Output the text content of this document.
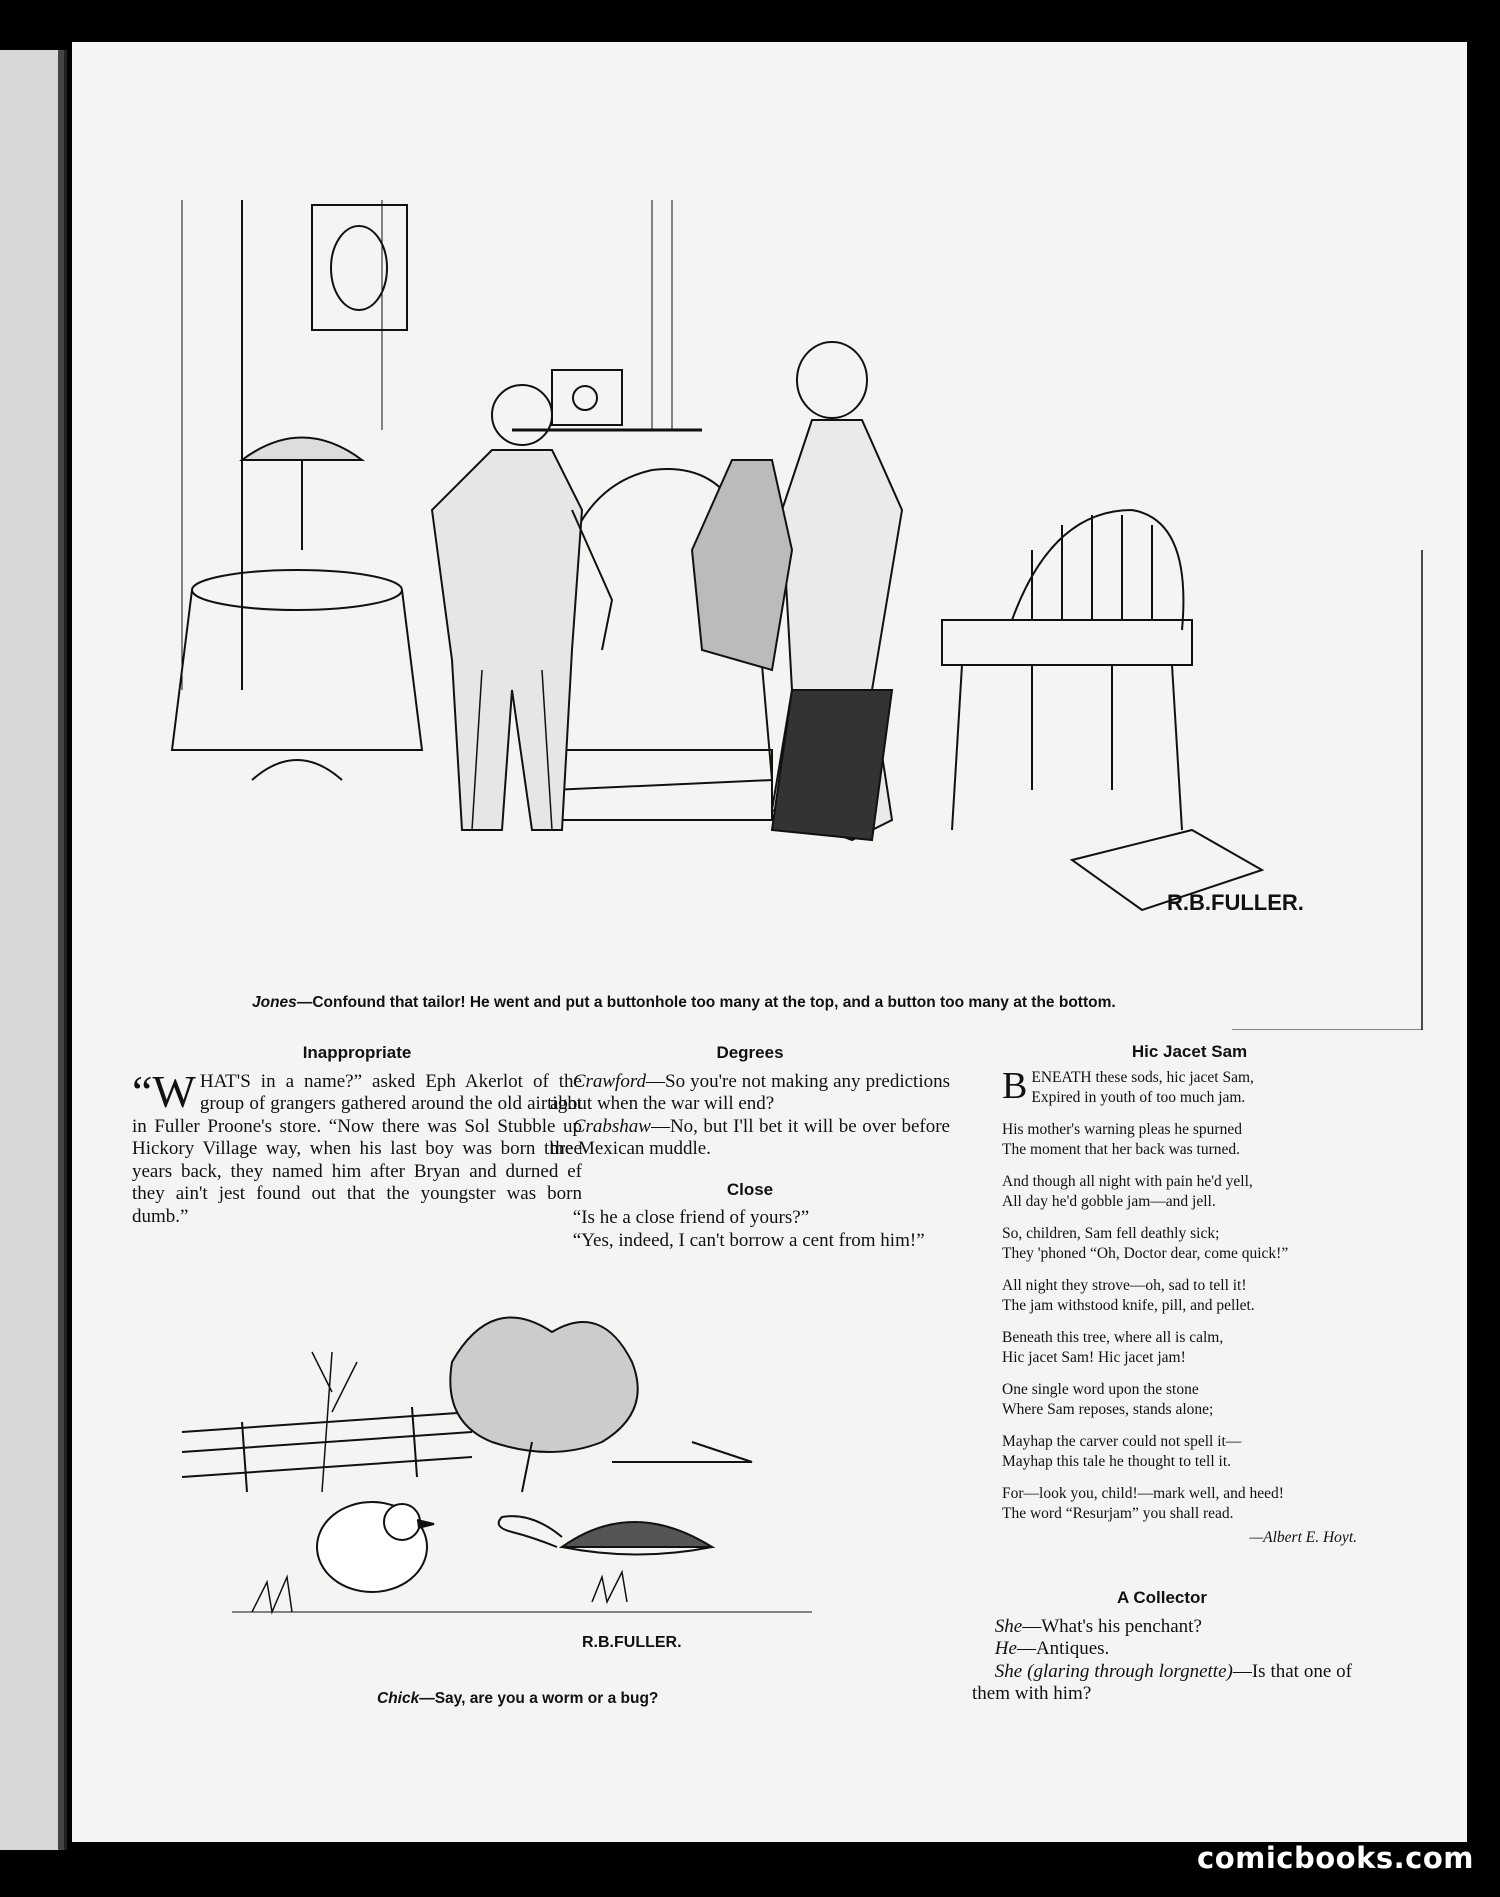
R.B.FULLER.
Jones—Confound that tailor! He went and put a buttonhole too many at the top, and a button too many at the bottom.
Inappropriate

“WHAT'S in a name?” asked Eph Akerlot of the group of grangers gathered around the old airtight in Fuller Proone's store. “Now there was Sol Stubble up Hickory Village way, when his last boy was born three years back, they named him after Bryan and durned ef they ain't jest found out that the youngster was born dumb.”

Degrees

Crawford—So you're not making any predictions about when the war will end?

Crabshaw—No, but I'll bet it will be over before the Mexican muddle.

Close

“Is he a close friend of yours?”

“Yes, indeed, I can't borrow a cent from him!”

Hic Jacet Sam
B ENEATH these sods, hic jacet Sam,
Expired in youth of too much jam.
His mother's warning pleas he spurned
The moment that her back was turned.
And though all night with pain he'd yell,
All day he'd gobble jam—and jell.
So, children, Sam fell deathly sick;
They 'phoned “Oh, Doctor dear, come quick!”
All night they strove—oh, sad to tell it!
The jam withstood knife, pill, and pellet.
Beneath this tree, where all is calm,
Hic jacet Sam! Hic jacet jam!
One single word upon the stone
Where Sam reposes, stands alone;
Mayhap the carver could not spell it—
Mayhap this tale he thought to tell it.
For—look you, child!—mark well, and heed!
The word “Resurjam” you shall read.
—Albert E. Hoyt.
A Collector

She—What's his penchant?

He—Antiques.

She (glaring through lorgnette)—Is that one of them with him?

R.B.FULLER.
Chick—Say, are you a worm or a bug?
comicbooks.com
